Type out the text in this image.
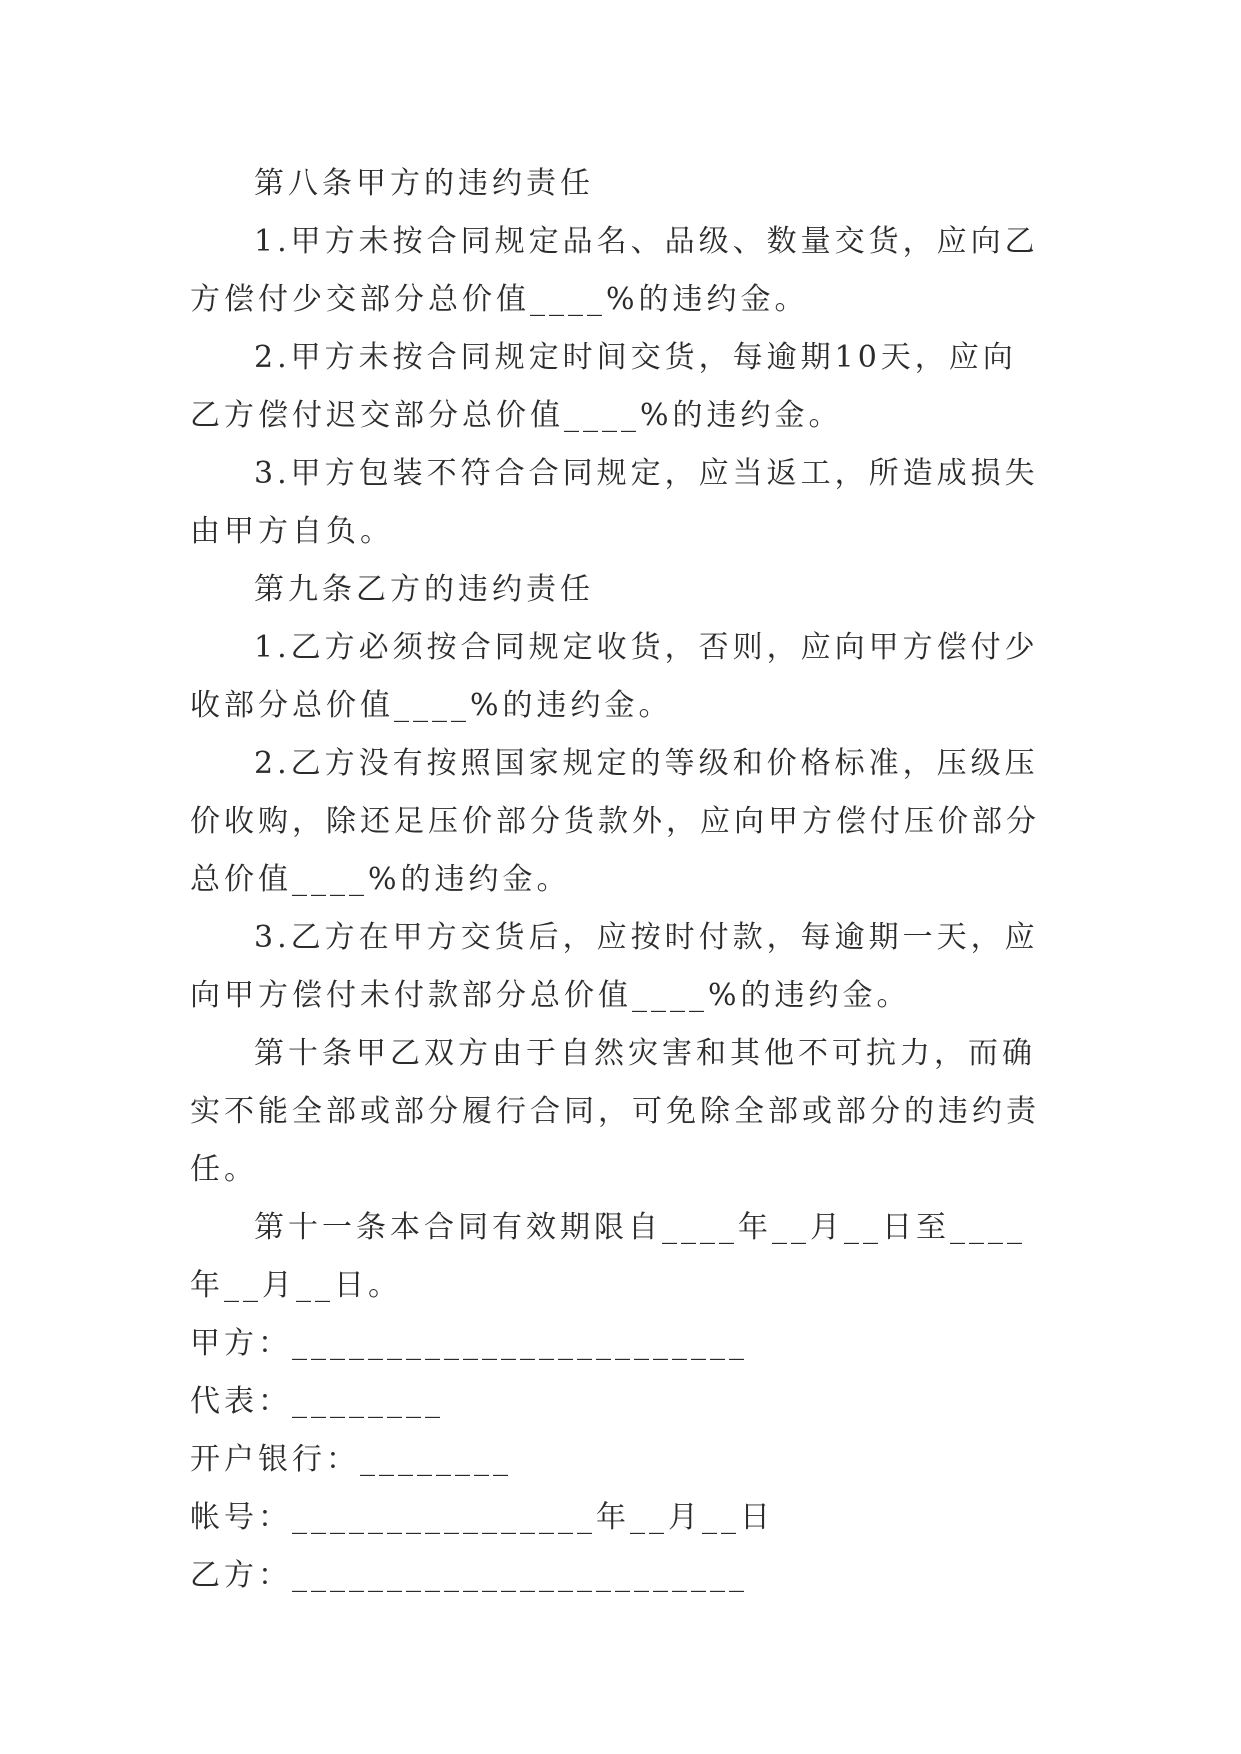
第八条甲方的违约责任

1.甲方未按合同规定品名、品级、数量交货，应向乙方偿付少交部分总价值____%的违约金。

2.甲方未按合同规定时间交货，每逾期10天，应向乙方偿付迟交部分总价值____%的违约金。

3.甲方包装不符合合同规定，应当返工，所造成损失由甲方自负。

第九条乙方的违约责任

1.乙方必须按合同规定收货，否则，应向甲方偿付少收部分总价值____%的违约金。

2.乙方没有按照国家规定的等级和价格标准，压级压价收购，除还足压价部分货款外，应向甲方偿付压价部分总价值____%的违约金。

3.乙方在甲方交货后，应按时付款，每逾期一天，应向甲方偿付未付款部分总价值____%的违约金。

第十条甲乙双方由于自然灾害和其他不可抗力，而确实不能全部或部分履行合同，可免除全部或部分的违约责任。

第十一条本合同有效期限自____年__月__日至____年__月__日。

甲方：________________________

代表：________

开户银行：________

帐号：________________年__月__日

乙方：________________________
